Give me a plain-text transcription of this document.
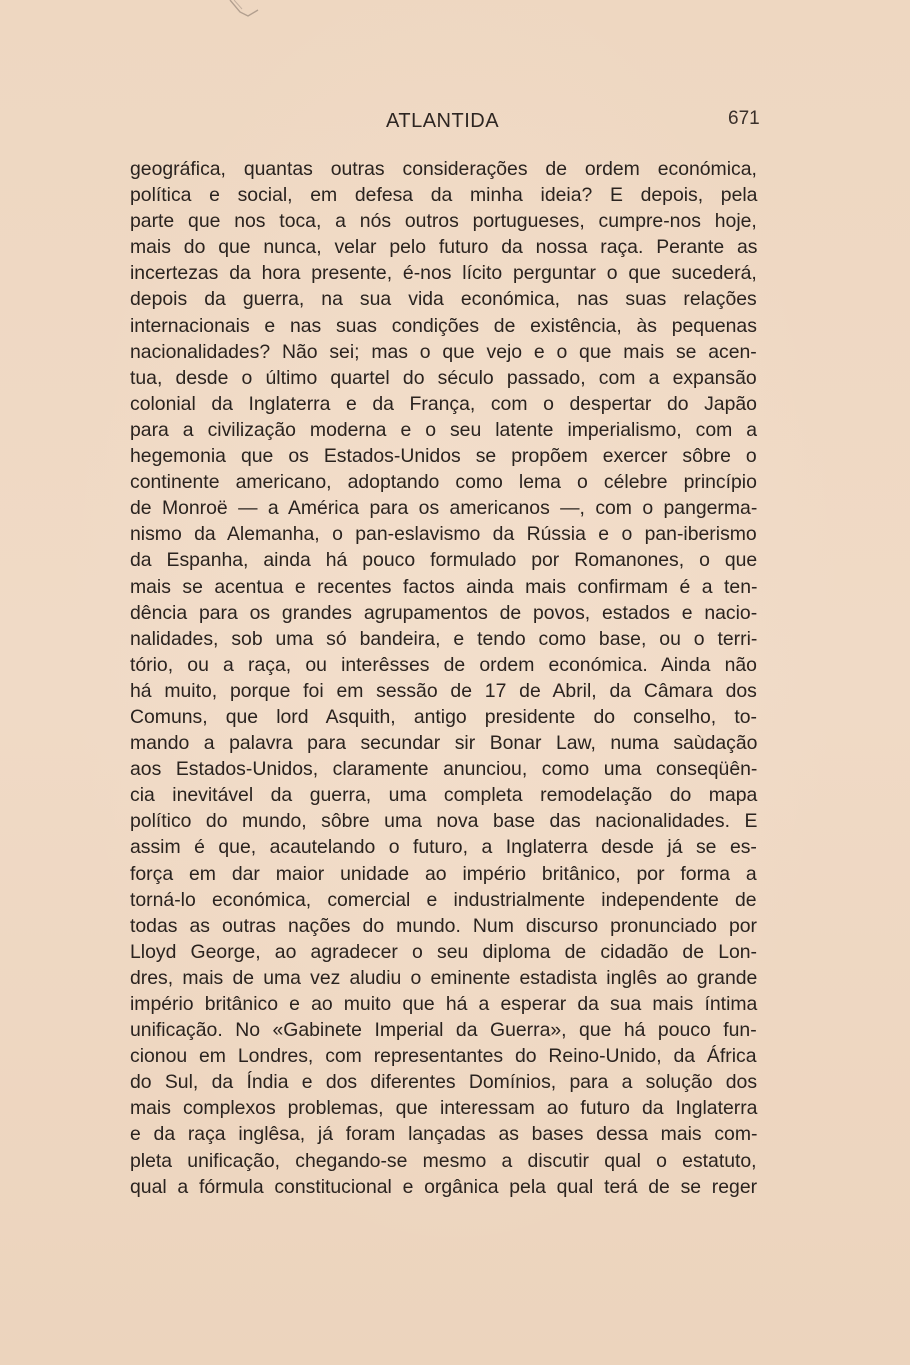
ATLANTIDA	671
geográfica, quantas outras considerações de ordem económica,
política e social, em defesa da minha ideia? E depois, pela
parte que nos toca, a nós outros portugueses, cumpre-nos hoje,
mais do que nunca, velar pelo futuro da nossa raça. Perante as
incertezas da hora presente, é-nos lícito perguntar o que sucederá,
depois da guerra, na sua vida económica, nas suas relações
internacionais e nas suas condições de existência, às pequenas
nacionalidades? Não sei; mas o que vejo e o que mais se acen-
tua, desde o último quartel do século passado, com a expansão
colonial da Inglaterra e da França, com o despertar do Japão
para a civilização moderna e o seu latente imperialismo, com a
hegemonia que os Estados-Unidos se propõem exercer sôbre o
continente americano, adoptando como lema o célebre princípio
de Monroë — a América para os americanos —, com o pangerma-
nismo da Alemanha, o pan-eslavismo da Rússia e o pan-iberismo
da Espanha, ainda há pouco formulado por Romanones, o que
mais se acentua e recentes factos ainda mais confirmam é a ten-
dência para os grandes agrupamentos de povos, estados e nacio-
nalidades, sob uma só bandeira, e tendo como base, ou o terri-
tório, ou a raça, ou interêsses de ordem económica. Ainda não
há muito, porque foi em sessão de 17 de Abril, da Câmara dos
Comuns, que lord Asquith, antigo presidente do conselho, to-
mando a palavra para secundar sir Bonar Law, numa saùdação
aos Estados-Unidos, claramente anunciou, como uma conseqüên-
cia inevitável da guerra, uma completa remodelação do mapa
político do mundo, sôbre uma nova base das nacionalidades. E
assim é que, acautelando o futuro, a Inglaterra desde já se es-
força em dar maior unidade ao império britânico, por forma a
torná-lo económica, comercial e industrialmente independente de
todas as outras nações do mundo. Num discurso pronunciado por
Lloyd George, ao agradecer o seu diploma de cidadão de Lon-
dres, mais de uma vez aludiu o eminente estadista inglês ao grande
império britânico e ao muito que há a esperar da sua mais íntima
unificação. No «Gabinete Imperial da Guerra», que há pouco fun-
cionou em Londres, com representantes do Reino-Unido, da África
do Sul, da Índia e dos diferentes Domínios, para a solução dos
mais complexos problemas, que interessam ao futuro da Inglaterra
e da raça inglêsa, já foram lançadas as bases dessa mais com-
pleta unificação, chegando-se mesmo a discutir qual o estatuto,
qual a fórmula constitucional e orgânica pela qual terá de se reger
